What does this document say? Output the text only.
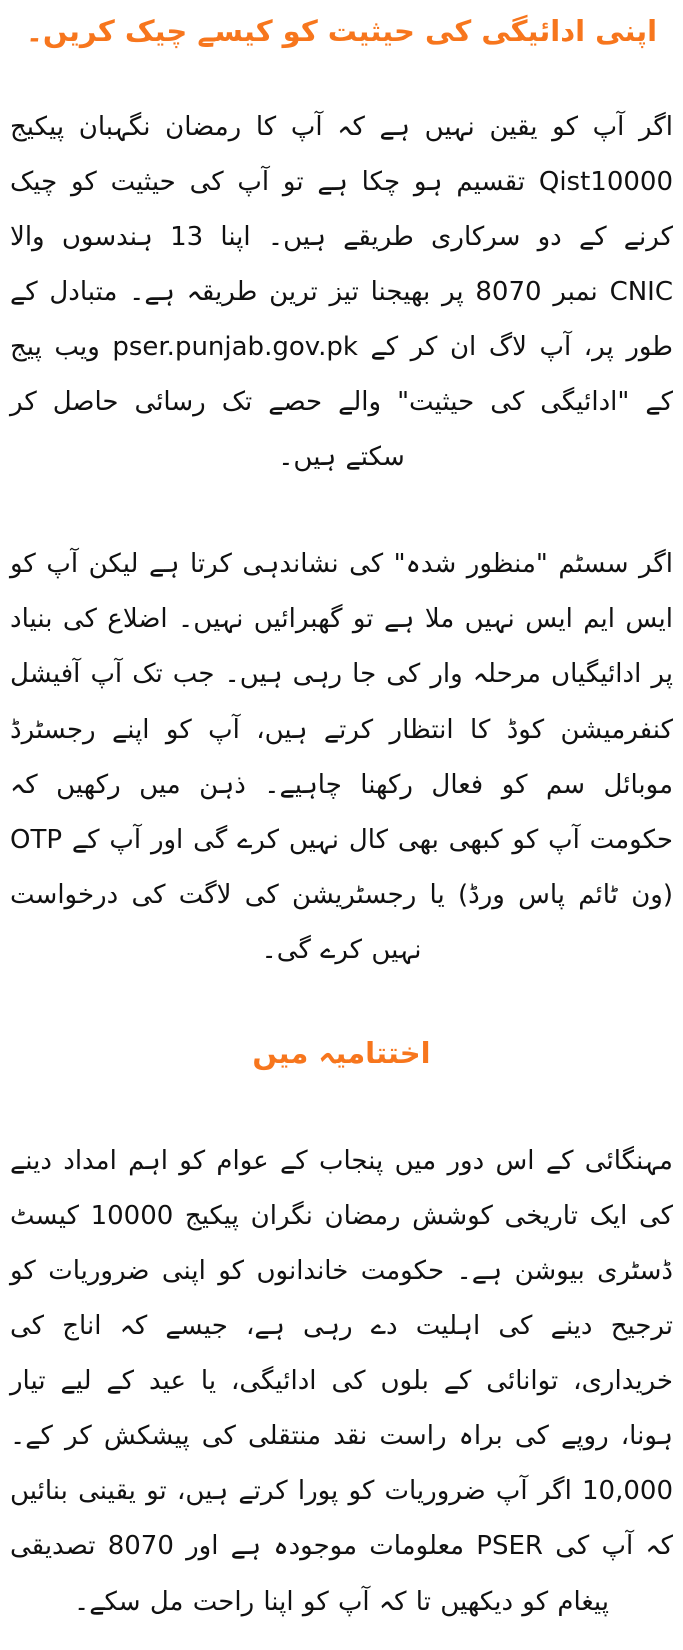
اپنی ادائیگی کی حیثیت کو کیسے چیک کریں۔

اگر آپ کو یقین نہیں ہے کہ آپ کا رمضان نگہبان پیکیج Qist10000 تقسیم ہو چکا ہے تو آپ کی حیثیت کو چیک کرنے کے دو سرکاری طریقے ہیں۔ اپنا 13 ہندسوں والا CNIC نمبر 8070 پر بھیجنا تیز ترین طریقہ ہے۔ متبادل کے طور پر، آپ لاگ ان کر کے pser.punjab.gov.pk ویب پیج کے "ادائیگی کی حیثیت" والے حصے تک رسائی حاصل کر سکتے ہیں۔

اگر سسٹم "منظور شدہ" کی نشاندہی کرتا ہے لیکن آپ کو ایس ایم ایس نہیں ملا ہے تو گھبرائیں نہیں۔ اضلاع کی بنیاد پر ادائیگیاں مرحلہ وار کی جا رہی ہیں۔ جب تک آپ آفیشل کنفرمیشن کوڈ کا انتظار کرتے ہیں، آپ کو اپنے رجسٹرڈ موبائل سم کو فعال رکھنا چاہیے۔ ذہن میں رکھیں کہ حکومت آپ کو کبھی بھی کال نہیں کرے گی اور آپ کے OTP (ون ٹائم پاس ورڈ) یا رجسٹریشن کی لاگت کی درخواست نہیں کرے گی۔

اختتامیہ میں

مہنگائی کے اس دور میں پنجاب کے عوام کو اہم امداد دینے کی ایک تاریخی کوشش رمضان نگران پیکیج 10000 کیسٹ ڈسٹری بیوشن ہے۔ حکومت خاندانوں کو اپنی ضروریات کو ترجیح دینے کی اہلیت دے رہی ہے، جیسے کہ اناج کی خریداری، توانائی کے بلوں کی ادائیگی، یا عید کے لیے تیار ہونا، روپے کی براہ راست نقد منتقلی کی پیشکش کر کے۔ 10,000 اگر آپ ضروریات کو پورا کرتے ہیں، تو یقینی بنائیں کہ آپ کی PSER معلومات موجودہ ہے اور 8070 تصدیقی پیغام کو دیکھیں تا کہ آپ کو اپنا راحت مل سکے۔
